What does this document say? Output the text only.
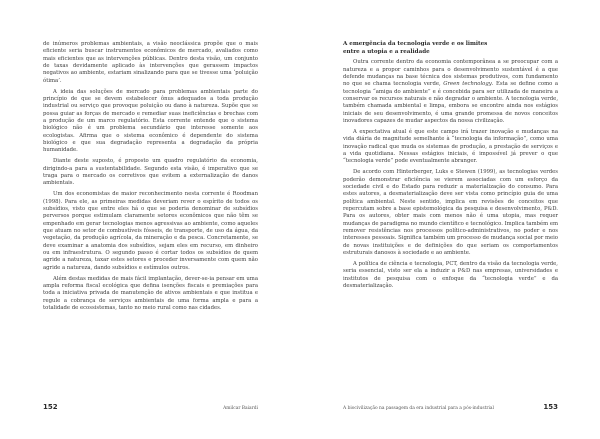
de inúmeros problemas ambientais, a visão neoclássica propõe que o mais eficiente seria buscar instrumentos econômicos de mercado, avaliados como mais eficientes que as intervenções públicas. Dentro desta visão, um conjunto de taxas devidamente aplicado às intervenções que gerassem impactos negativos ao ambiente, estariam sinalizando para que se tivesse uma ‘poluição ótima’.

A ideia das soluções de mercado para problemas ambientais parte do princípio de que se devem estabelecer ônus adequados a toda produção industrial ou serviço que provoque poluição ou dano à natureza. Supõe que se possa guiar as forças de mercado e remediar suas ineficiências e brechas com a produção de um marco regulatório. Esta corrente entende que o sistema biológico não é um problema secundário que interesse somente aos ecologistas. Afirma que o sistema econômico é dependente do sistema biológico e que sua degradação representa a degradação da própria humanidade.

Diante deste suposto, é proposto um quadro regulatório da economia, dirigindo-a para a sustentabilidade. Segundo esta visão, é imperativo que se traga para o mercado os corretivos que evitem a externalização de danos ambientais.

Um dos economistas de maior reconhecimento nesta corrente é Roodman (1998). Para ele, as primeiras medidas deveriam rever o espírito de todos os subsídios, visto que entre eles há o que se poderia denominar de subsídios perversos porque estimulam claramente setores econômicos que não têm se empenhado em gerar tecnologias menos agressivas ao ambiente, como aqueles que atuam no setor de combustíveis fósseis, de transporte, de uso da água, da vegetação, da produção agrícola, da mineração e da pesca. Concretamente, se deve examinar a anatomia dos subsídios, sejam eles em recurso, em dinheiro ou em infraestrutura. O segundo passo é cortar todos os subsídios de quem agride a natureza, taxar estes setores e proceder inversamente com quem não agride a natureza, dando subsídios e estímulos outros.

Além destas medidas de mais fácil implantação, dever-se-ia pensar em uma ampla reforma fiscal ecológica que defina isenções fiscais e premiações para toda a iniciativa privada de manutenção de ativos ambientais e que institua e regule a cobrança de serviços ambientais de uma forma ampla e para a totalidade de ecossistemas, tanto no meio rural como nas cidades.

152	Amilcar Baiardi
A emergência da tecnologia verde e os limites
entre a utopia e a realidade

Outra corrente dentro da economia contemporânea a se preocupar com a natureza e a propor caminhos para o desenvolvimento sustentável é a que defende mudanças na base técnica dos sistemas produtivos, com fundamento no que se chama tecnologia verde, Green technology. Esta se define como a tecnologia “amiga do ambiente” e é concebida para ser utilizada de maneira a conservar os recursos naturais e não degradar o ambiente. A tecnologia verde, também chamada ambiental e limpa, embora se encontre ainda nos estágios iniciais de seu desenvolvimento, é uma grande promessa de novos conceitos inovadores capazes de mudar aspectos da nossa civilização.

A expectativa atual é que este campo irá trazer inovação e mudanças na vida diária de magnitude semelhante à “tecnologia da informação”, como uma inovação radical que muda os sistemas de produção, a prestação de serviços e a vida quotidiana. Nessas estágios iniciais, é impossível já prever o que “tecnologia verde” pode eventualmente abranger.

De acordo com Hinterberger, Luks e Stewen (1999), as tecnologias verdes poderão demonstrar eficiência se vierem associadas com um esforço da sociedade civil e do Estado para reduzir a materialização do consumo. Para estes autores, a desmaterialização deve ser vista como princípio guia de uma política ambiental. Neste sentido, implica em revisões de conceitos que repercutam sobre a base epistemológica da pesquisa e desenvolvimento, P&D. Para os autores, obter mais com menos não é uma utopia, mas requer mudanças de paradigma no mundo científico e tecnológico. Implica também em remover resistências nos processos político-administrativos, no poder e nos interesses pessoais. Significa também um processo de mudança social por meio de novas instituições e de definições do que seriam os comportamentos estruturais danosos à sociedade e ao ambiente.

A política de ciência e tecnologia, PCT, dentro da visão da tecnologia verde, seria essencial, visto ser ela a induzir a P&D nas empresas, universidades e institutos de pesquisa com o enfoque da “tecnologia verde” e da desmaterialização.

A biocivilização na passagem da era industrial para a pós-industrial	153
